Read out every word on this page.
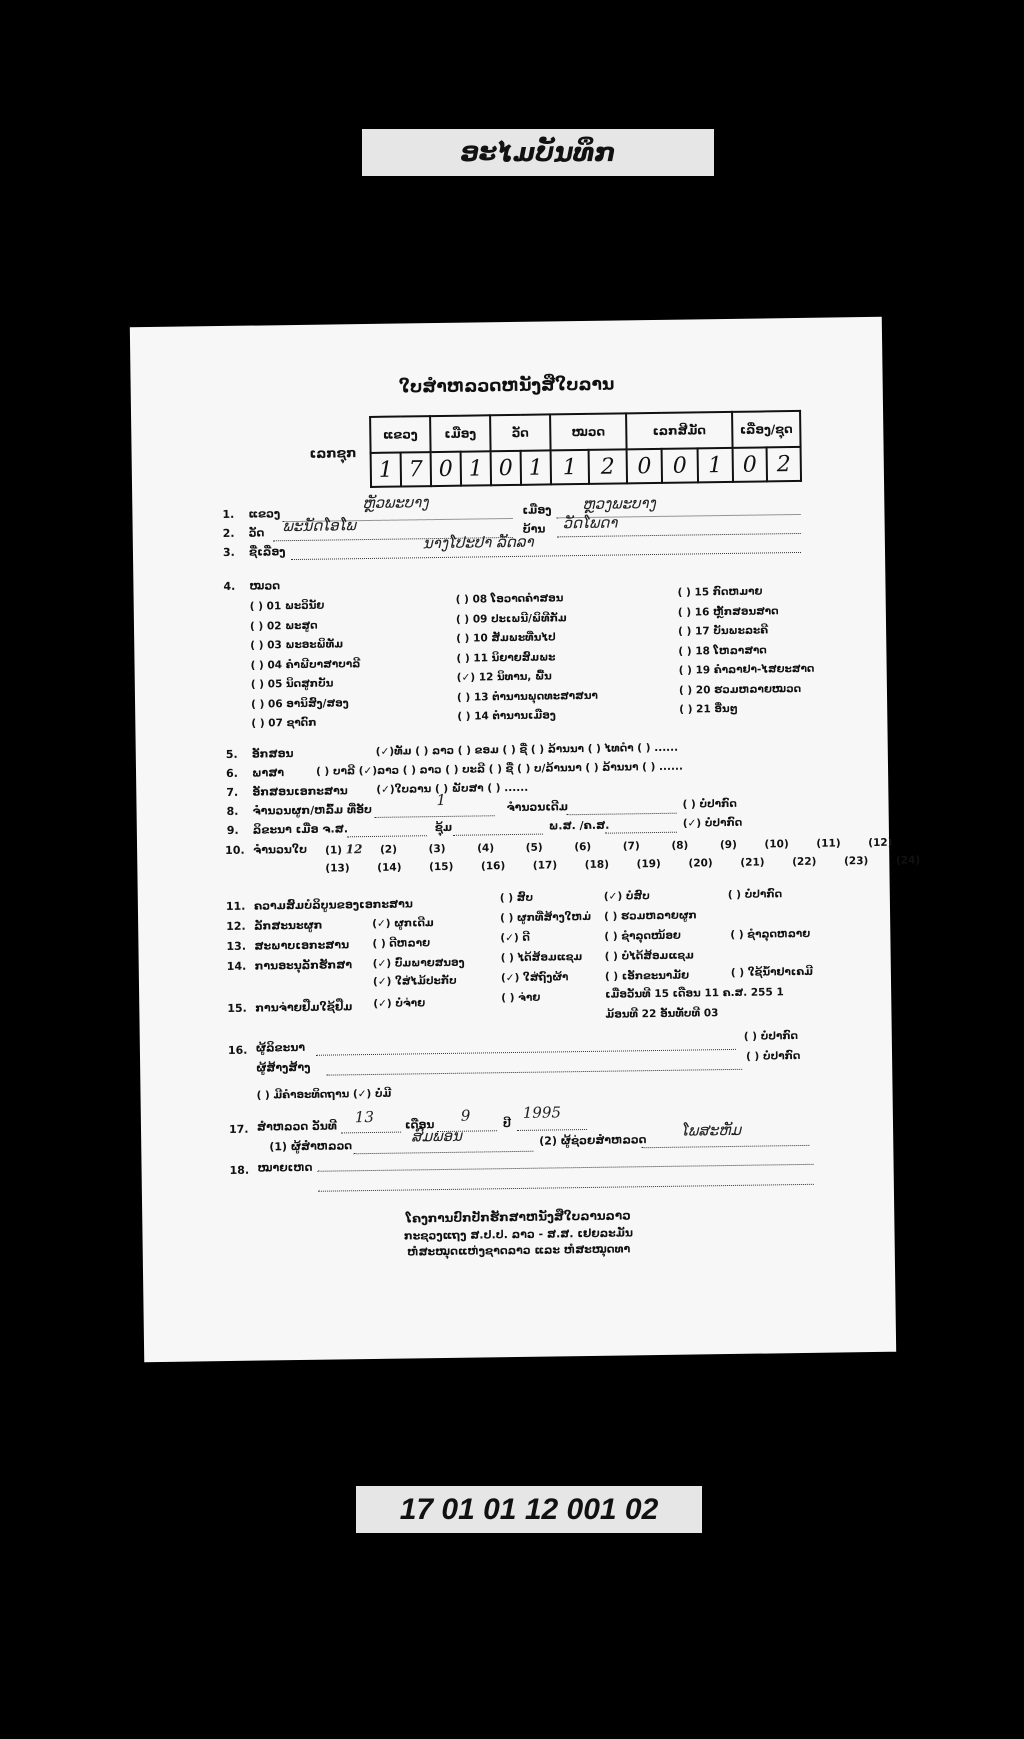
ອະໄມບັນທຶກ
ໃບສຳຫລວດຫນັງສືໃບລານ
ເລກຊຸກ
ແຂວງ		ເມືອງ		ວັດ		ໝວດ		ເລກສີມັດ			ເລື່ອງ/ຊຸດ	
1	7	0	1	0	1	1	2	0	0	1	0	2
1. ແຂວງ
ຫຼັວພະບາງ	ເມືອງ ຫຼວງພະບາງ
2. ວັດ ພະນັດໂອໂພ	ບ້ານ ວັດໂພດາ
3. ຊື່ເລື່ອງ	ນາງໂປະປາ ລັດລາ
4. ໝວດ
( ) 01 ພະວິນັຍ
( ) 02 ພະສູດ
( ) 03 ພະອະພິທັມ
( ) 04 ຄຳພີບາສາບາລີ
( ) 05 ນິດສູກບັນ
( ) 06 ອານິສົງ/ສອງ
( ) 07 ຊາດົກ
( ) 08 ໂອວາດຄຳສອນ
( ) 09 ປະເພນີ/ພິທີກັມ
( ) 10 ສັມພະທີ່ນໄປ
( ) 11 ນິຍາຍສົມພະ
(✓) 12 ນິທານ, ພື້ນ
( ) 13 ຕຳນານພຸດທະສາສນາ
( ) 14 ຕຳນານເມືອງ
( ) 15 ກົດຫມາຍ
( ) 16 ຫຼັກສອນສາດ
( ) 17 ບັນພະລະຄີ
( ) 18 ໂຫລາສາດ
( ) 19 ຄຳລາຢາ-ໄສຍະສາດ
( ) 20 ຮວມຫລາຍໝວດ
( ) 21 ອື່ນໆ
5. ອັກສອນ	(✓)ທັມ ( ) ລາວ ( ) ຂອມ ( ) ຊື່ ( ) ລ້ານນາ ( ) ໄທດໍາ ( ) ......
6. ພາສາ	( ) ບາລີ (✓)ລາວ ( ) ລາວ ( ) ບະລີ ( ) ຊື່ ( ) ບ/ລ້ານນາ ( ) ລ້ານນາ ( ) ......
7. ອັກສອນເອກະສານ	(✓)ໃບລານ ( ) ພັບສາ ( ) ......
8. ຈຳນວນຜູກ/ຫລົ້ມ ທີ່ອັບ
1	ຈຳນວນເດີມ	( ) ບໍ່ປາກົດ
9. ລິຂະນາ ເມື່ອ ຈ.ສ.	ຊຸ້ມ	ພ.ສ. /ຄ.ສ.	(✓) ບໍ່ປາກົດ
10. ຈຳນວນໃບ (1) 12 (2)	(3)	(4)	(5)	(6)	(7)	(8)	(9)	(10)	(11)	(12)
(13)	(14)	(15)	(16)	(17)	(18)	(19)	(20)	(21)	(22)	(23)	(24)
11. ຄວາມສົມບໍລິບູນຂອງເອກະສານ	( ) ສົບ	(✓) ບໍ່ສົບ	( ) ບໍ່ປາກົດ
12. ລັກສະນະຜູກ	(✓) ຜູກເດີມ	( ) ຜູກທີ່ສ້າງໃຫມ່ ( ) ຮວມຫລາຍຜູກ
13. ສະພາບເອກະສານ ( ) ດີຫລາຍ	(✓) ດີ	( ) ຊຳລຸດໜ້ອຍ	( ) ຊຳລຸດຫລາຍ
14. ການອະນຸລັກຮັກສາ (✓) ບົ່ມພາຍສນອງ	( ) ໄດ້ສ້ອມແຊມ ( ) ບໍ່ໄດ້ສ້ອມແຊມ
(✓) ໃສ່ໄມ້ປະກັບ	(✓) ໃສ່ຖົງຜ້າ	( ) ເອັກຂະນາມັຍ	( ) ໃຊ້ນ້ຳຢາເຄມີ
15. ການຈ່າຍຢືມໃຊ້ຢືມ (✓) ບໍ່ຈ່າຍ	( ) ຈ່າຍ	ເມື່ອວັນທີ 15 ເດືອນ 11 ຄ.ສ. 255 1
ມ້ອນທີ 22 ອັນທັບທີ 03
16. ຜູ້ລິຂະນາ
( ) ບໍ່ປາກົດ
ຜູ້ສ້າງສ້າງ
( ) ບໍ່ປາກົດ
( ) ມີຄຳອະທິດຖານ (✓) ບໍ່ມີ
17. ສຳຫລວດ ວັນທີ
13	ເດືອນ
9	ປີ
1995
(1) ຜູ້ສຳຫລວດ
ສົມພອນ	(2) ຜູ້ຊ່ວຍສຳຫລວດ
ໂພສະຫັມ
18. ໝາຍເຫດ
ໂຄງການປົກປັກຮັກສາຫນັງສືໃບລານລາວ
ກະຊວງແຖງ ສ.ປ.ປ. ລາວ - ສ.ສ. ເຢຍລະມັນ
ຫໍສະໝຸດແຫ່ງຊາດລາວ ແລະ ຫໍສະໝຸດທາ
17 01 01 12 001 02
